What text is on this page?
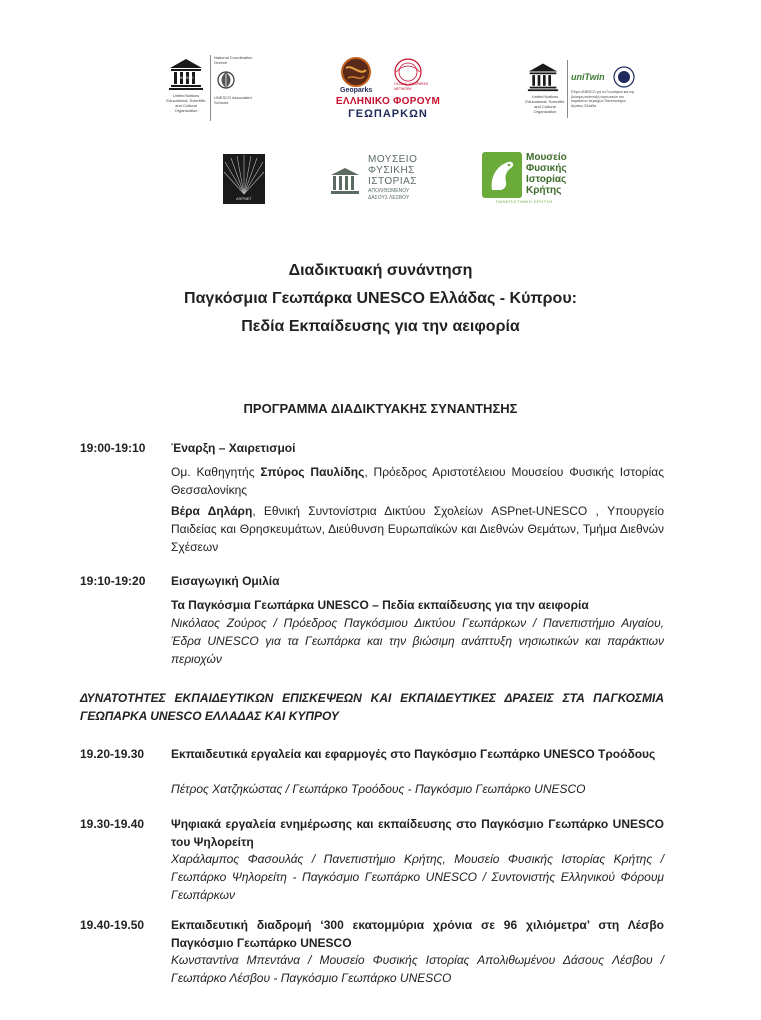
UNESCO
United Nations Educational, Scientific and Cultural Organization
National Coordination Greece
UNESCO Associated Schools
Geoparks
GLOBAL GEOPARKS NETWORK
ΕΛΛΗΝΙΚΟ ΦΟΡΟΥΜ
ΓΕΩΠΑΡΚΩΝ
United Nations Educational, Scientific and Cultural Organization
uniTwin
Έδρα UNESCO για τα Γεωπάρκα και την βιώσιμη ανάπτυξη νησιωτικών και παράκτιων περιοχών Πανεπιστήμιο Αιγαίου, Ελλάδα
ASPNET
ΜΟΥΣΕΙΟ
ΦΥΣΙΚΗΣ
ΙΣΤΟΡΙΑΣ
ΑΠΟΛΙΘΩΜΕΝΟΥ
ΔΑΣΟΥΣ ΛΕΣΒΟΥ
Μουσείο
Φυσικής
Ιστορίας
Κρήτης
ΠΑΝΕΠΙΣΤΗΜΙΟ ΚΡΗΤΗΣ
Διαδικτυακή συνάντηση
Παγκόσμια Γεωπάρκα UNESCO Ελλάδας - Κύπρου:
Πεδία Εκπαίδευσης για την αειφορία
ΠΡΟΓΡΑΜΜΑ ΔΙΑΔΙΚΤΥΑΚΗΣ ΣΥΝΑΝΤΗΣΗΣ
19:00-19:10 Έναρξη – Χαιρετισμοί
Ομ. Καθηγητής Σπύρος Παυλίδης, Πρόεδρος Αριστοτέλειου Μουσείου Φυσικής Ιστορίας Θεσσαλονίκης
Βέρα Δηλάρη, Εθνική Συντονίστρια Δικτύου Σχολείων ASPnet-UNESCO , Υπουργείο Παιδείας και Θρησκευμάτων, Διεύθυνση Ευρωπαϊκών και Διεθνών Θεμάτων, Τμήμα Διεθνών Σχέσεων
19:10-19:20 Εισαγωγική Ομιλία
Τα Παγκόσμια Γεωπάρκα UNESCO – Πεδία εκπαίδευσης για την αειφορία
Νικόλαος Ζούρος / Πρόεδρος Παγκόσμιου Δικτύου Γεωπάρκων / Πανεπιστήμιο Αιγαίου, Έδρα UNESCO για τα Γεωπάρκα και την βιώσιμη ανάπτυξη νησιωτικών και παράκτιων περιοχών
ΔΥΝΑΤΟΤΗΤΕΣ ΕΚΠΑΙΔΕΥΤΙΚΩΝ ΕΠΙΣΚΕΨΕΩΝ ΚΑΙ ΕΚΠΑΙΔΕΥΤΙΚΕΣ ΔΡΑΣΕΙΣ ΣΤΑ ΠΑΓΚΟΣΜΙΑ ΓΕΩΠΑΡΚΑ UNESCO ΕΛΛΑΔΑΣ ΚΑΙ ΚΥΠΡΟΥ
19.20-19.30 Εκπαιδευτικά εργαλεία και εφαρμογές στο Παγκόσμιο Γεωπάρκο UNESCO Τροόδους
Πέτρος Χατζηκώστας / Γεωπάρκο Τροόδους - Παγκόσμιο Γεωπάρκο UNESCO
19.30-19.40 Ψηφιακά εργαλεία ενημέρωσης και εκπαίδευσης στο Παγκόσμιο Γεωπάρκο UNESCO του Ψηλορείτη
Χαράλαμπος Φασουλάς / Πανεπιστήμιο Κρήτης, Μουσείο Φυσικής Ιστορίας Κρήτης / Γεωπάρκο Ψηλορείτη - Παγκόσμιο Γεωπάρκο UNESCO / Συντονιστής Ελληνικού Φόρουμ Γεωπάρκων
19.40-19.50 Εκπαιδευτική διαδρομή ‘300 εκατομμύρια χρόνια σε 96 χιλιόμετρα’ στη Λέσβο Παγκόσμιο Γεωπάρκο UNESCO
Κωνσταντίνα Μπεντάνα / Μουσείο Φυσικής Ιστορίας Απολιθωμένου Δάσους Λέσβου / Γεωπάρκο Λέσβου - Παγκόσμιο Γεωπάρκο UNESCO
